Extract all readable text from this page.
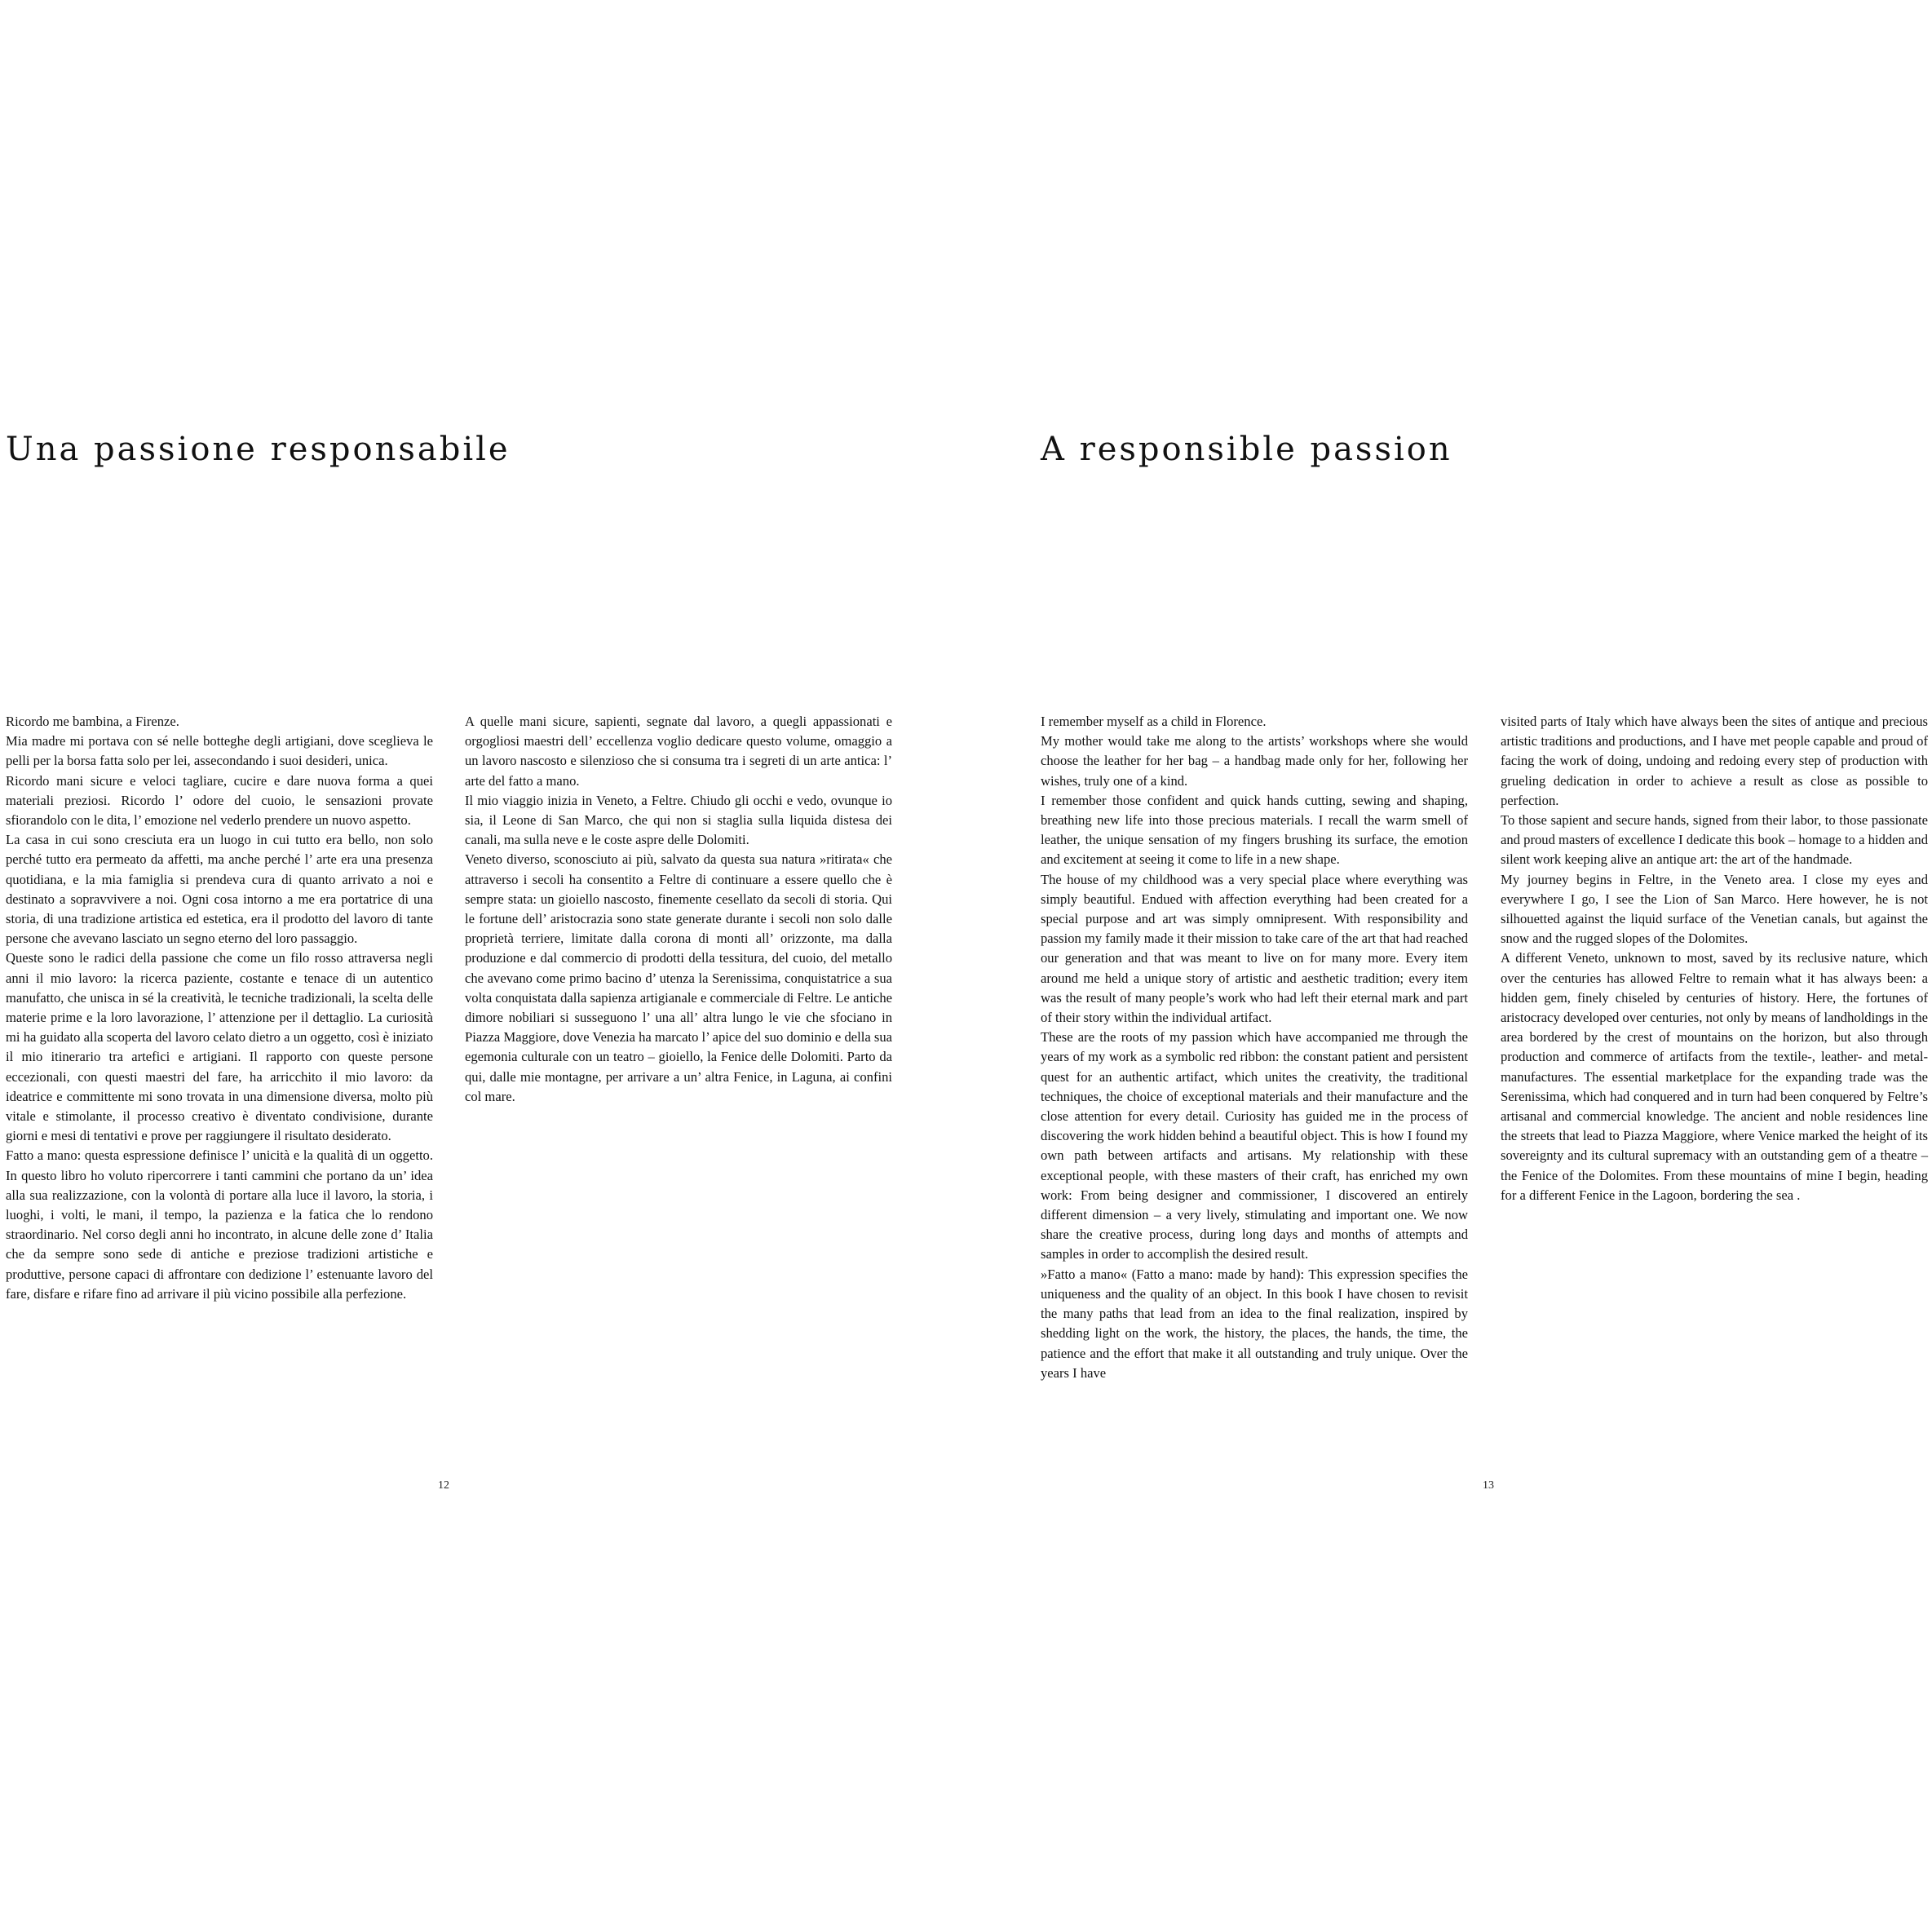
Una passione responsabile	A responsible passion

Ricordo me bambina, a Firenze.

Mia madre mi portava con sé nelle botteghe degli artigiani, dove sceglieva le pelli per la borsa fatta solo per lei, assecondando i suoi desideri, unica.

Ricordo mani sicure e veloci tagliare, cucire e dare nuova forma a quei materiali preziosi. Ricordo l’ odore del cuoio, le sensazioni provate sfiorandolo con le dita, l’ emozione nel vederlo prendere un nuovo aspetto.

La casa in cui sono cresciuta era un luogo in cui tutto era bello, non solo perché tutto era permeato da affetti, ma anche perché l’ arte era una presenza quotidiana, e la mia famiglia si prendeva cura di quanto arrivato a noi e destinato a sopravvivere a noi. Ogni cosa intorno a me era portatrice di una storia, di una tradizione artistica ed estetica, era il prodotto del lavoro di tante persone che avevano lasciato un segno eterno del loro passaggio.

Queste sono le radici della passione che come un filo rosso attraversa negli anni il mio lavoro: la ricerca paziente, costante e tenace di un autentico manufatto, che unisca in sé la creatività, le tecniche tradizionali, la scelta delle materie prime e la loro lavorazione, l’ attenzione per il dettaglio. La curiosità mi ha guidato alla scoperta del lavoro celato dietro a un oggetto, così è iniziato il mio itinerario tra artefici e artigiani. Il rapporto con queste persone eccezionali, con questi maestri del fare, ha arricchito il mio lavoro: da ideatrice e committente mi sono trovata in una dimensione diversa, molto più vitale e stimolante, il processo creativo è diventato condivisione, durante giorni e mesi di tentativi e prove per raggiungere il risultato desiderato.

Fatto a mano: questa espressione definisce l’ unicità e la qualità di un oggetto. In questo libro ho voluto ripercorrere i tanti cammini che portano da un’ idea alla sua realizzazione, con la volontà di portare alla luce il lavoro, la storia, i luoghi, i volti, le mani, il tempo, la pazienza e la fatica che lo rendono straordinario. Nel corso degli anni ho incontrato, in alcune delle zone d’ Italia che da sempre sono sede di antiche e preziose tradizioni artistiche e produttive, persone capaci di affrontare con dedizione l’ estenuante lavoro del fare, disfare e rifare fino ad arrivare il più vicino possibile alla perfezione.

A quelle mani sicure, sapienti, segnate dal lavoro, a quegli appassionati e orgogliosi maestri dell’ eccellenza voglio dedicare questo volume, omaggio a un lavoro nascosto e silenzioso che si consuma tra i segreti di un arte antica: l’ arte del fatto a mano.

Il mio viaggio inizia in Veneto, a Feltre. Chiudo gli occhi e vedo, ovunque io sia, il Leone di San Marco, che qui non si staglia sulla liquida distesa dei canali, ma sulla neve e le coste aspre delle Dolomiti.

Veneto diverso, sconosciuto ai più, salvato da questa sua natura »ritirata« che attraverso i secoli ha consentito a Feltre di continuare a essere quello che è sempre stata: un gioiello nascosto, finemente cesellato da secoli di storia. Qui le fortune dell’ aristocrazia sono state generate durante i secoli non solo dalle proprietà terriere, limitate dalla corona di monti all’ orizzonte, ma dalla produzione e dal commercio di prodotti della tessitura, del cuoio, del metallo che avevano come primo bacino d’ utenza la Serenissima, conquistatrice a sua volta conquistata dalla sapienza artigianale e commerciale di Feltre. Le antiche dimore nobiliari si susseguono l’ una all’ altra lungo le vie che sfociano in Piazza Maggiore, dove Venezia ha marcato l’ apice del suo dominio e della sua egemonia culturale con un teatro – gioiello, la Fenice delle Dolomiti. Parto da qui, dalle mie montagne, per arrivare a un’ altra Fenice, in Laguna, ai confini col mare.

I remember myself as a child in Florence.

My mother would take me along to the artists’ workshops where she would choose the leather for her bag – a handbag made only for her, following her wishes, truly one of a kind.

I remember those confident and quick hands cutting, sewing and shaping, breathing new life into those precious materials. I recall the warm smell of leather, the unique sensation of my fingers brushing its surface, the emotion and excitement at seeing it come to life in a new shape.

The house of my childhood was a very special place where everything was simply beautiful. Endued with affection everything had been created for a special purpose and art was simply omnipresent. With responsibility and passion my family made it their mission to take care of the art that had reached our generation and that was meant to live on for many more. Every item around me held a unique story of artistic and aesthetic tradition; every item was the result of many people’s work who had left their eternal mark and part of their story within the individual artifact.

These are the roots of my passion which have accompanied me through the years of my work as a symbolic red ribbon: the constant patient and persistent quest for an authentic artifact, which unites the creativity, the traditional techniques, the choice of exceptional materials and their manufacture and the close attention for every detail. Curiosity has guided me in the process of discovering the work hidden behind a beautiful object. This is how I found my own path between artifacts and artisans. My relationship with these exceptional people, with these masters of their craft, has enriched my own work: From being designer and commissioner, I discovered an entirely different dimension – a very lively, stimulating and important one. We now share the creative process, during long days and months of attempts and samples in order to accomplish the desired result.

»Fatto a mano« (Fatto a mano: made by hand): This expression specifies the uniqueness and the quality of an object. In this book I have chosen to revisit the many paths that lead from an idea to the final realization, inspired by shedding light on the work, the history, the places, the hands, the time, the patience and the effort that make it all outstanding and truly unique. Over the years I have

visited parts of Italy which have always been the sites of antique and precious artistic traditions and productions, and I have met people capable and proud of facing the work of doing, undoing and redoing every step of production with grueling dedication in order to achieve a result as close as possible to perfection.

To those sapient and secure hands, signed from their labor, to those passionate and proud masters of excellence I dedicate this book – homage to a hidden and silent work keeping alive an antique art: the art of the handmade.

My journey begins in Feltre, in the Veneto area. I close my eyes and everywhere I go, I see the Lion of San Marco. Here however, he is not silhouetted against the liquid surface of the Venetian canals, but against the snow and the rugged slopes of the Dolomites.

A different Veneto, unknown to most, saved by its reclusive nature, which over the centuries has allowed Feltre to remain what it has always been: a hidden gem, finely chiseled by centuries of history. Here, the fortunes of aristocracy developed over centuries, not only by means of landholdings in the area bordered by the crest of mountains on the horizon, but also through production and commerce of artifacts from the textile-, leather- and metal-manufactures. The essential marketplace for the expanding trade was the Serenissima, which had conquered and in turn had been conquered by Feltre’s artisanal and commercial knowledge. The ancient and noble residences line the streets that lead to Piazza Maggiore, where Venice marked the height of its sovereignty and its cultural supremacy with an outstanding gem of a theatre – the Fenice of the Dolomites. From these mountains of mine I begin, heading for a different Fenice in the Lagoon, bordering the sea .

12	13
